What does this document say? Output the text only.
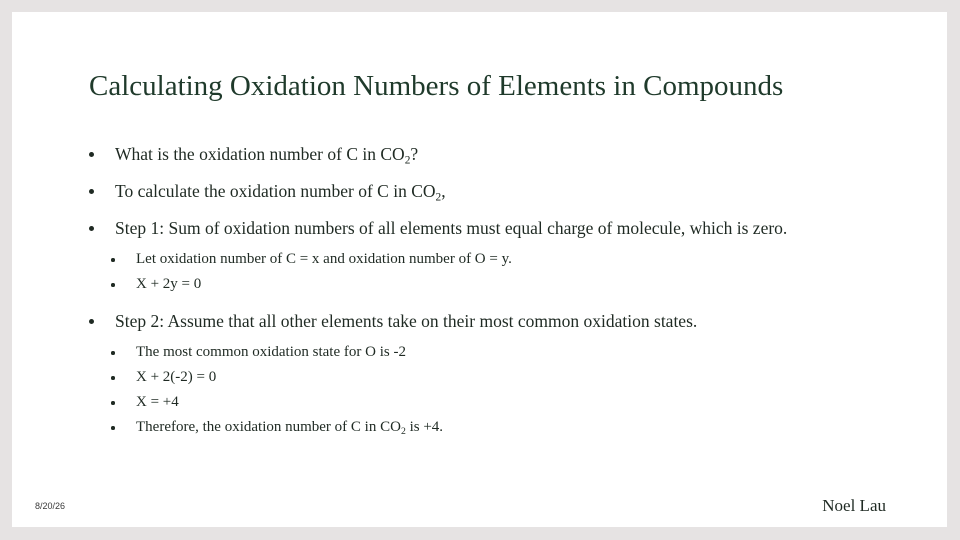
Calculating Oxidation Numbers of Elements in Compounds
What is the oxidation number of C in $CO_2$?
To calculate the oxidation number of C in $CO_2$,
Step 1: Sum of oxidation numbers of all elements must equal charge of molecule, which is zero.
Let oxidation number of C = x and oxidation number of O = y.
X + 2y = 0
Step 2: Assume that all other elements take on their most common oxidation states.
The most common oxidation state for O is -2
X + 2(-2) = 0
X = +4
Therefore, the oxidation number of C in $CO_2$ is +4.
8/20/26	Noel Lau
